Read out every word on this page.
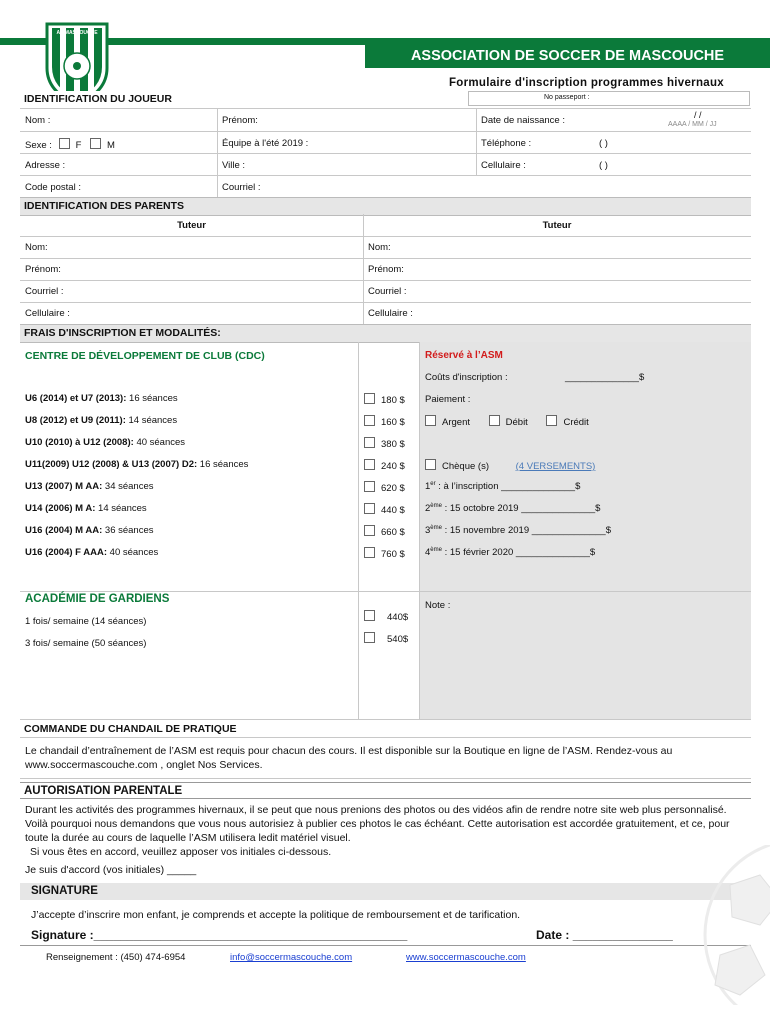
AS MASCOUCHE
ASSOCIATION DE SOCCER DE MASCOUCHE
Formulaire d'inscription programmes hivernaux
IDENTIFICATION DU JOUEUR	No passeport :
Nom :	Prénom:	Date de naissance :	/ /
AAAA / MM / JJ
Sexe : F	M	Équipe à l'été 2019 :	Téléphone :	( )
Adresse :	Ville :	Cellulaire :	( )
Code postal :	Courriel :
IDENTIFICATION DES PARENTS
Tuteur	Tuteur
Nom:	Nom:
Prénom:	Prénom:
Courriel :	Courriel :
Cellulaire :	Cellulaire :
FRAIS D'INSCRIPTION ET MODALITÉS:
CENTRE DE DÉVELOPPEMENT DE CLUB (CDC)
U6 (2014) et U7 (2013): 16 séances	180 $
U8 (2012) et U9 (2011): 14 séances	160 $
U10 (2010) à U12 (2008): 40 séances	380 $
U11(2009) U12 (2008) & U13 (2007) D2: 16 séances	240 $
U13 (2007) M AA: 34 séances	620 $
U14 (2006) M A: 14 séances	440 $
U16 (2004) M AA: 36 séances	660 $
U16 (2004) F AAA: 40 séances	760 $
ACADÉMIE DE GARDIENS
1 fois/ semaine (14 séances)	440$
3 fois/ semaine (50 séances)	540$
Réservé à l’ASM
Coûts d'inscription :	______________$
Paiement :
Argent	Débit	Crédit
Chèque (s)	(4 VERSEMENTS)
1er : à l’inscription ______________$
2ème : 15 octobre 2019 ______________$
3ème : 15 novembre 2019 ______________$
4ème : 15 février 2020 ______________$
Note :
COMMANDE DU CHANDAIL DE PRATIQUE
Le chandail d’entraînement de l’ASM est requis pour chacun des cours. Il est disponible sur la Boutique en ligne de l’ASM. Rendez-vous au www.soccermascouche.com , onglet Nos Services.
AUTORISATION PARENTALE
Durant les activités des programmes hivernaux, il se peut que nous prenions des photos ou des vidéos afin de rendre notre site web plus personnalisé. Voilà pourquoi nous demandons que vous nous autorisiez à publier ces photos le cas échéant. Cette autorisation est accordée gratuitement, et ce, pour toute la durée au cours de laquelle l’ASM utilisera ledit matériel visuel.
Si vous êtes en accord, veuillez apposer vos initiales ci-dessous.
Je suis d'accord (vos initiales) _____
SIGNATURE
J’accepte d’inscrire mon enfant, je comprends et accepte la politique de remboursement et de tarification.
Signature :_______________________________________________	Date : _______________
Renseignement : (450) 474-6954	info@soccermascouche.com	www.soccermascouche.com
